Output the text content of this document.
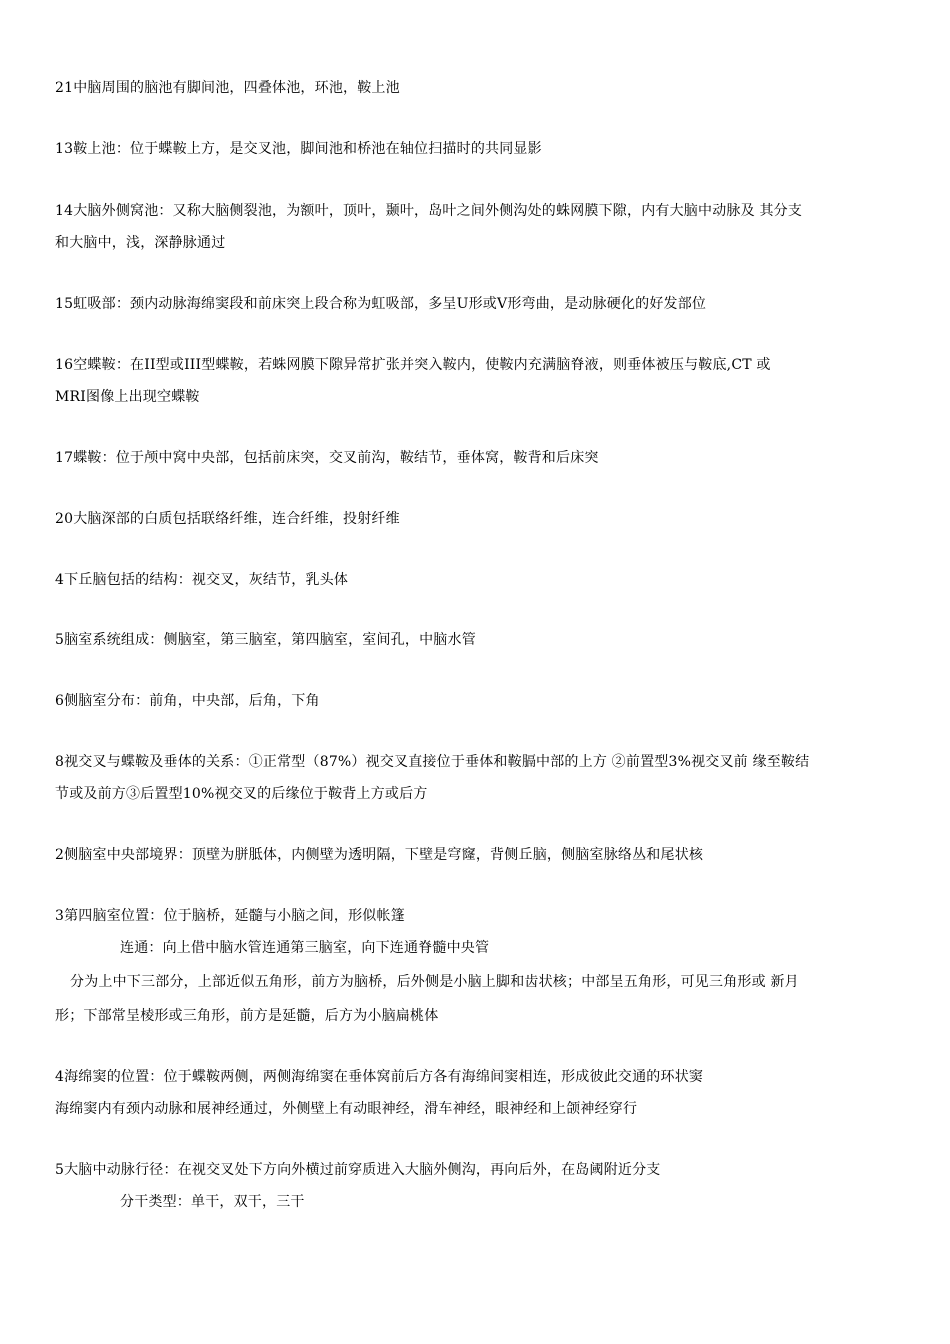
21中脑周围的脑池有脚间池，四叠体池，环池，鞍上池
13鞍上池：位于蝶鞍上方，是交叉池，脚间池和桥池在轴位扫描时的共同显影
14大脑外侧窝池：又称大脑侧裂池，为额叶，顶叶，颞叶，岛叶之间外侧沟处的蛛网膜下隙，内有大脑中动脉及 其分支
和大脑中，浅，深静脉通过
15虹吸部：颈内动脉海绵窦段和前床突上段合称为虹吸部，多呈U形或V形弯曲，是动脉硬化的好发部位
16空蝶鞍：在II型或III型蝶鞍，若蛛网膜下隙异常扩张并突入鞍内，使鞍内充满脑脊液，则垂体被压与鞍底,CT 或
MRI图像上出现空蝶鞍
17蝶鞍：位于颅中窝中央部，包括前床突，交叉前沟，鞍结节，垂体窝，鞍背和后床突
20大脑深部的白质包括联络纤维，连合纤维，投射纤维
4下丘脑包括的结构：视交叉，灰结节，乳头体
5脑室系统组成：侧脑室，第三脑室，第四脑室，室间孔，中脑水管
6侧脑室分布：前角，中央部，后角，下角
8视交叉与蝶鞍及垂体的关系：①正常型（87%）视交叉直接位于垂体和鞍膈中部的上方 ②前置型3%视交叉前 缘至鞍结
节或及前方③后置型10%视交叉的后缘位于鞍背上方或后方
2侧脑室中央部境界：顶壁为胼胝体，内侧壁为透明隔，下壁是穹窿，背侧丘脑，侧脑室脉络丛和尾状核
3第四脑室位置：位于脑桥，延髓与小脑之间，形似帐篷
连通：向上借中脑水管连通第三脑室，向下连通脊髓中央管
分为上中下三部分，上部近似五角形，前方为脑桥，后外侧是小脑上脚和齿状核；中部呈五角形，可见三角形或 新月
形；下部常呈棱形或三角形，前方是延髓，后方为小脑扁桃体
4海绵窦的位置：位于蝶鞍两侧，两侧海绵窦在垂体窝前后方各有海绵间窦相连，形成彼此交通的环状窦
海绵窦内有颈内动脉和展神经通过，外侧壁上有动眼神经，滑车神经，眼神经和上颌神经穿行
5大脑中动脉行径：在视交叉处下方向外横过前穿质进入大脑外侧沟，再向后外，在岛阈附近分支
分干类型：单干，双干，三干
